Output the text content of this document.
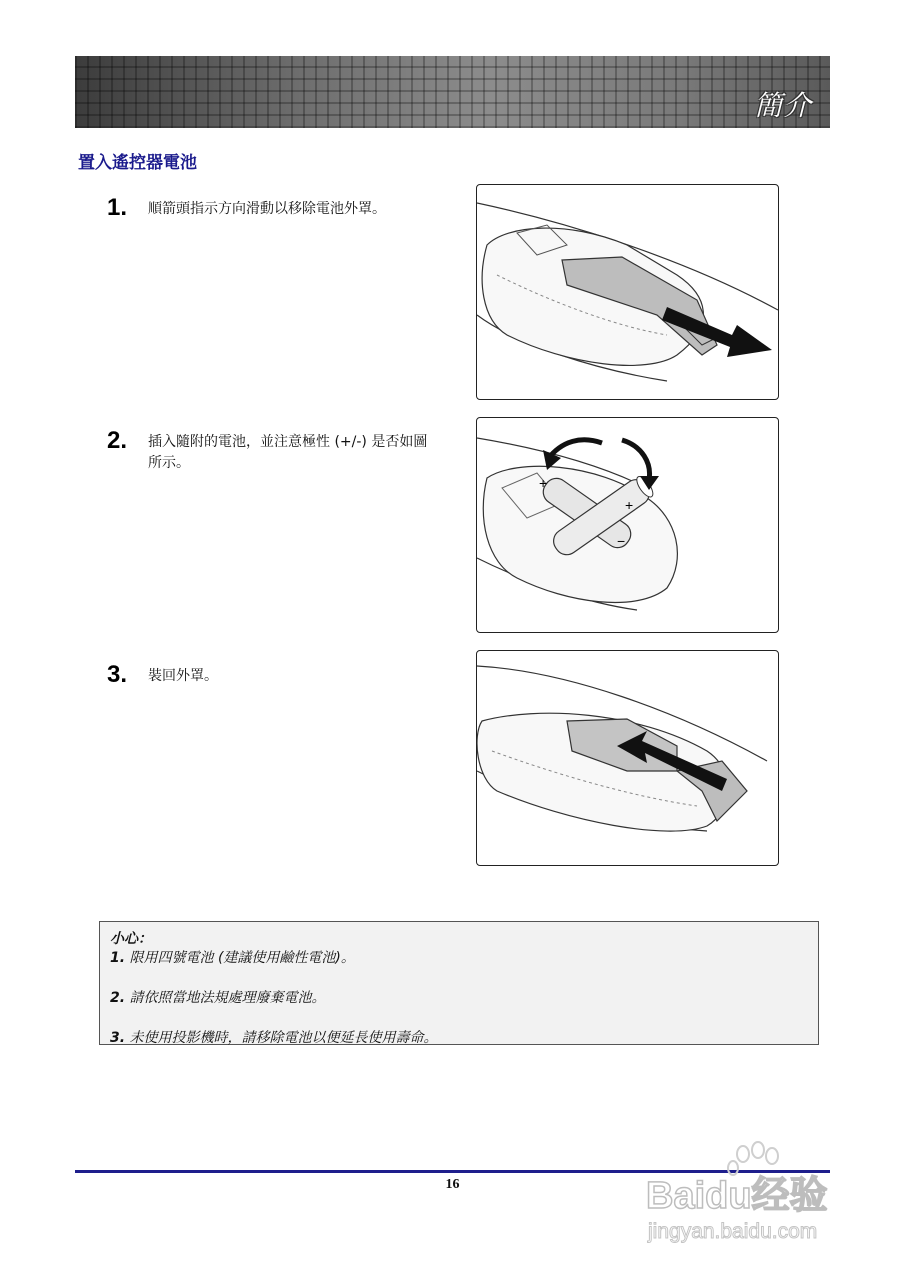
簡介
置入遙控器電池
1. 順箭頭指示方向滑動以移除電池外罩。
2. 插入隨附的電池，並注意極性 (+/-) 是否如圖所示。
+
+
−
3. 裝回外罩。
小心：
1. 限用四號電池 (建議使用鹼性電池)。
2. 請依照當地法規處理廢棄電池。
3. 未使用投影機時，請移除電池以便延長使用壽命。
16	Baidu经验
jingyan.baidu.com
